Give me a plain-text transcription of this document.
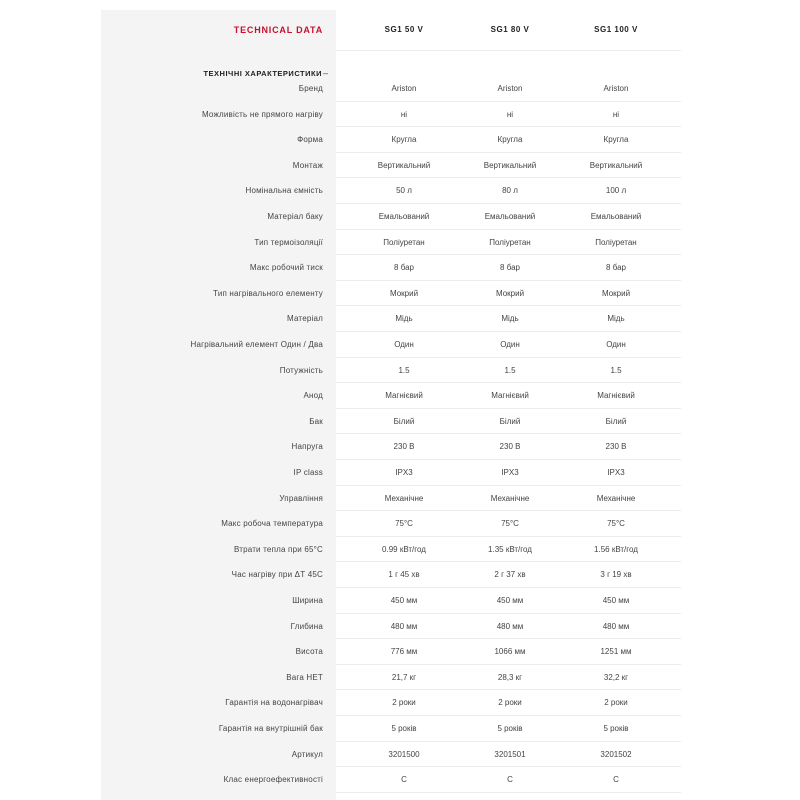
TECHNICAL DATA	SG1 50 V	SG1 80 V	SG1 100 V
ТЕХНІЧНІ ХАРАКТЕРИСТИКИ –
Бренд	Ariston	Ariston	Ariston
Можливість не прямого нагріву	ні	ні	ні
Форма	Кругла	Кругла	Кругла
Монтаж	Вертикальний	Вертикальний	Вертикальний
Номінальна ємність	50 л	80 л	100 л
Матеріал баку	Емальований	Емальований	Емальований
Тип термоізоляції	Поліуретан	Поліуретан	Поліуретан
Макс робочий тиск	8 бар	8 бар	8 бар
Тип нагрівального елементу	Мокрий	Мокрий	Мокрий
Матеріал	Мідь	Мідь	Мідь
Нагрівальний елемент Один / Два	Один	Один	Один
Потужність	1.5	1.5	1.5
Анод	Магнієвий	Магнієвий	Магнієвий
Бак	Білий	Білий	Білий
Напруга	230 В	230 В	230 В
IP class	IPX3	IPX3	IPX3
Управління	Механічне	Механічне	Механічне
Макс робоча температура	75°C	75°C	75°C
Втрати тепла при 65°C	0.99 кВт/год	1.35 кВт/год	1.56 кВт/год
Час нагріву при ΔТ 45С	1 г 45 хв	2 г 37 хв	3 г 19 хв
Ширина	450 мм	450 мм	450 мм
Глибина	480 мм	480 мм	480 мм
Висота	776 мм	1066 мм	1251 мм
Вага НЕТ	21,7 кг	28,3 кг	32,2 кг
Гарантія на водонагрівач	2 роки	2 роки	2 роки
Гарантія на внутрішній бак	5 років	5 років	5 років
Артикул	3201500	3201501	3201502
Клас енергоефективності	С	С	С
